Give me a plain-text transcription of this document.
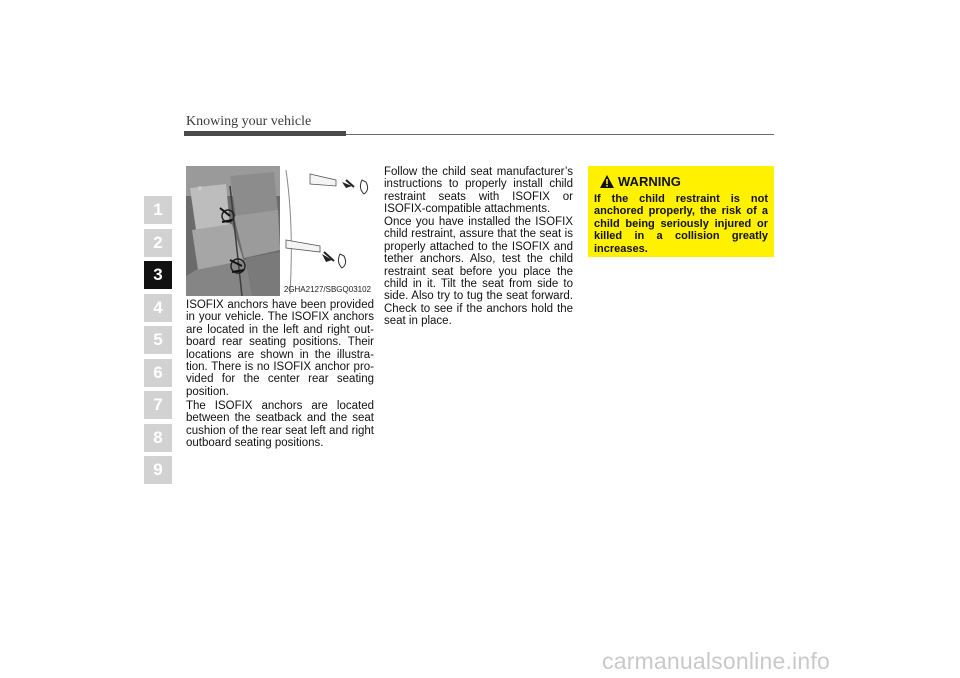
Knowing your vehicle
1
2
3
4
5
6
7
8
9
≡
2GHA2127/SBGQ03102

ISOFIX anchors have been provided in your vehicle. The ISOFIX anchors are located in the left and right out-board rear seating positions. Their locations are shown in the illustra-tion. There is no ISOFIX anchor pro-vided for the center rear seating position.

The ISOFIX anchors are located between the seatback and the seat cushion of the rear seat left and right outboard seating positions.

Follow the child seat manufacturer’s instructions to properly install child restraint seats with ISOFIX or ISOFIX-compatible attachments.

Once you have installed the ISOFIX child restraint, assure that the seat is properly attached to the ISOFIX and tether anchors. Also, test the child restraint seat before you place the child in it. Tilt the seat from side to side. Also try to tug the seat forward. Check to see if the anchors hold the seat in place.

WARNING

If the child restraint is not anchored properly, the risk of a child being seriously injured or killed in a collision greatly increases.

carmanualsonline.info
